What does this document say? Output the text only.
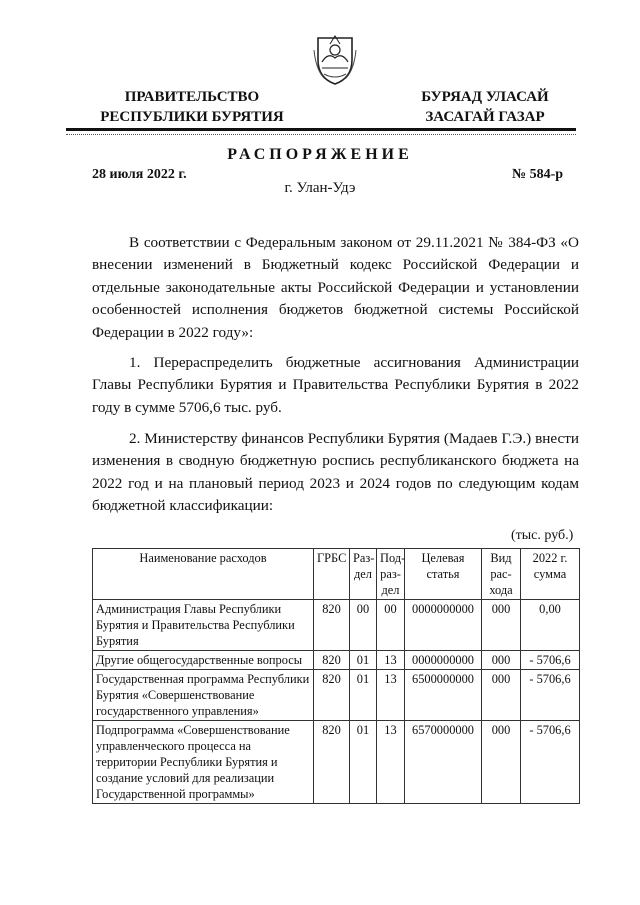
ПРАВИТЕЛЬСТВО
РЕСПУБЛИКИ БУРЯТИЯ
БУРЯАД УЛАСАЙ
ЗАСАГАЙ ГАЗАР
РАСПОРЯЖЕНИЕ
28 июля 2022 г.	№ 584-р
г. Улан-Удэ
В соответствии с Федеральным законом от 29.11.2021 № 384-ФЗ «О внесении изменений в Бюджетный кодекс Российской Федерации и отдельные законодательные акты Российской Федерации и установлении особенностей исполнения бюджетов бюджетной системы Российской Федерации в 2022 году»:
1. Перераспределить бюджетные ассигнования Администрации Главы Республики Бурятия и Правительства Республики Бурятия в 2022 году в сумме 5706,6 тыс. руб.
2. Министерству финансов Республики Бурятия (Мадаев Г.Э.) внести изменения в сводную бюджетную роспись республиканского бюджета на 2022 год и на плановый период 2023 и 2024 годов по следующим кодам бюджетной классификации:
(тыс. руб.)
Наименование расходов	ГРБС	Раз-дел	Под-раз-дел	Целевая статья	Вид рас-хода	2022 г. сумма
Администрация Главы Республики Бурятия и Правительства Республики Бурятия	820	00	00	0000000000	000	0,00
Другие общегосударственные вопросы	820	01	13	0000000000	000	- 5706,6
Государственная программа Республики Бурятия «Совершенствование государственного управления»	820	01	13	6500000000	000	- 5706,6
Подпрограмма «Совершенствование управленческого процесса на территории Республики Бурятия и создание условий для реализации Государственной программы»	820	01	13	6570000000	000	- 5706,6
